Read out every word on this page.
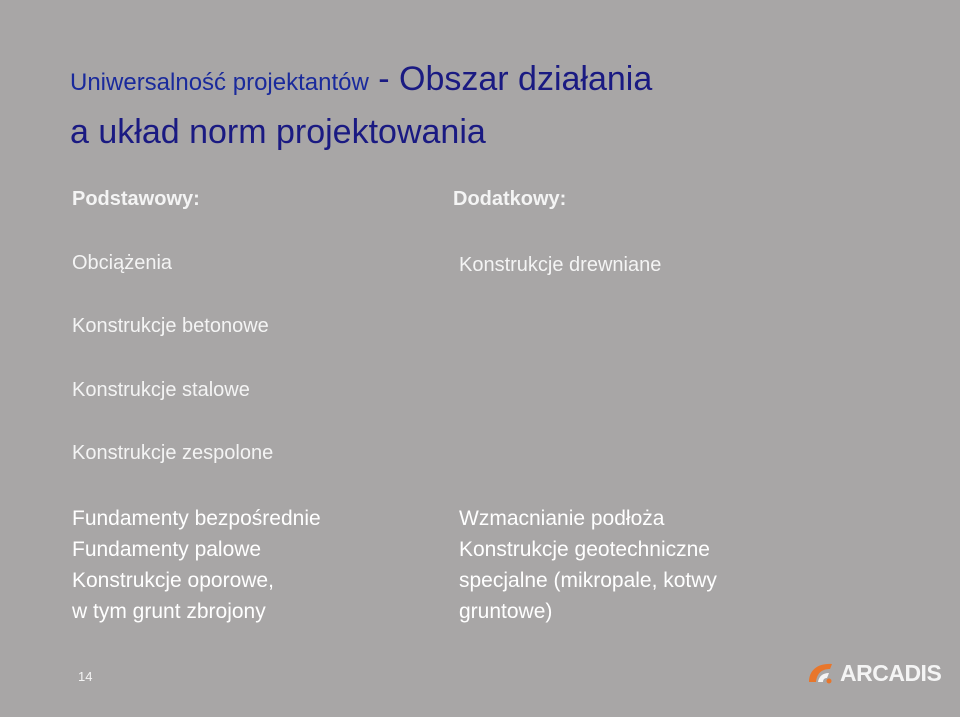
Uniwersalność projektantów - Obszar działania
a układ norm projektowania
Podstawowy:	Dodatkowy:
Obciążenia
Konstrukcje betonowe
Konstrukcje stalowe
Konstrukcje zespolone
Konstrukcje drewniane
Fundamenty bezpośrednie
Fundamenty palowe
Konstrukcje oporowe,
w tym grunt zbrojony
Wzmacnianie podłoża
Konstrukcje geotechniczne
specjalne (mikropale, kotwy
gruntowe)
14	ARCADIS
